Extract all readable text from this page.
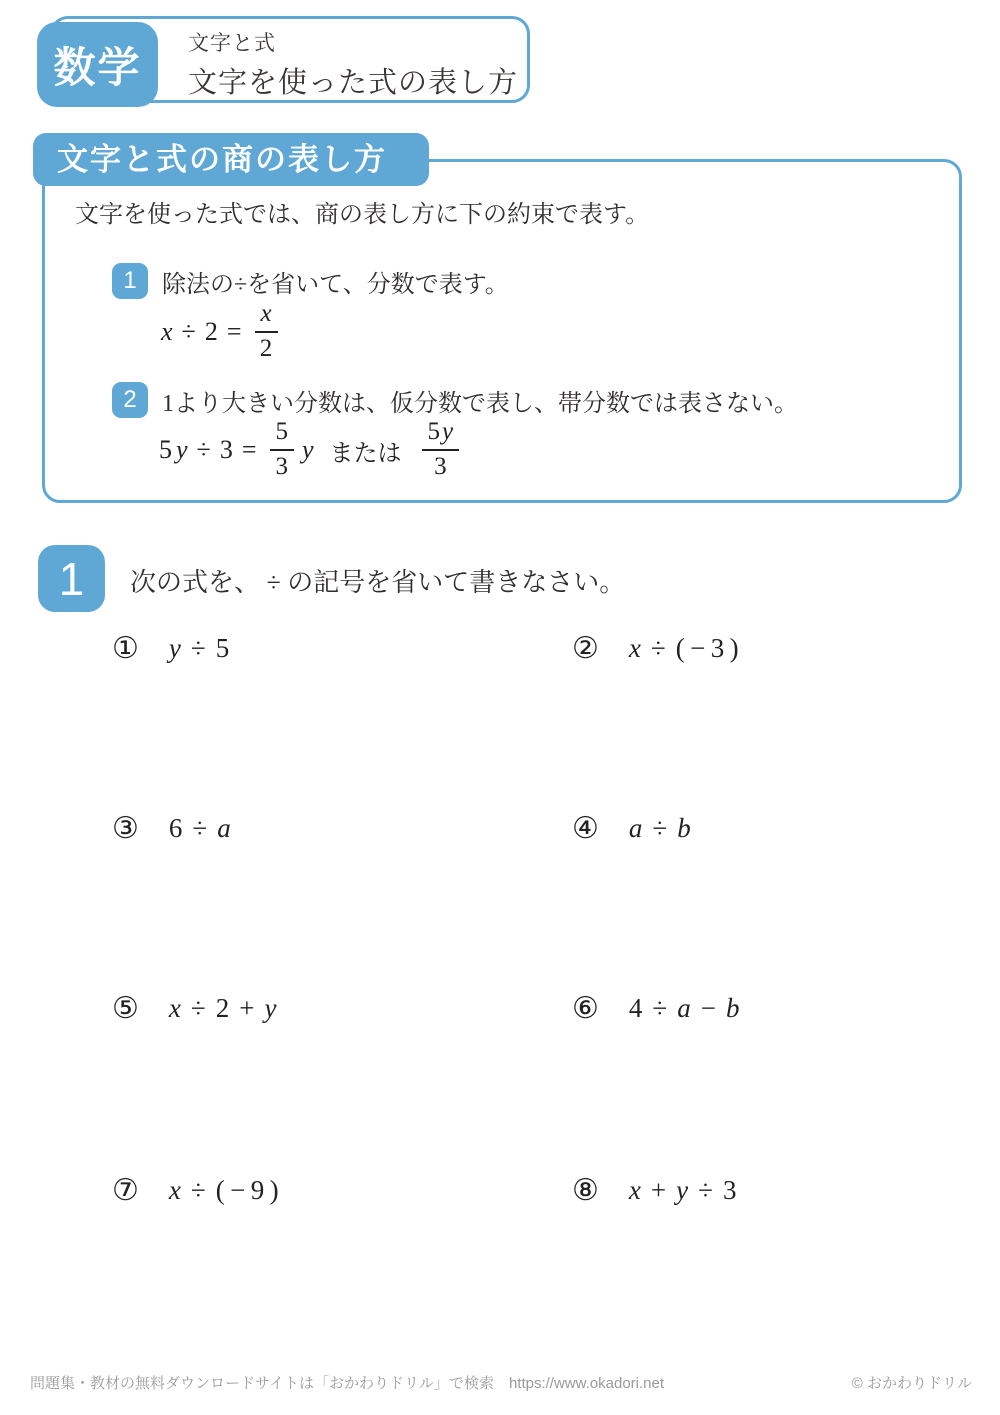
文字と式
文字を使った式の表し方
数学
文字と式の商の表し方
文字を使った式では、商の表し方に下の約束で表す。
1	除法の÷を省いて、分数で表す。
$x \div 2 = \frac{x}{2}$
2	1より大きい分数は、仮分数で表し、帯分数では表さない。
5 $y \div 3 = \frac{5}{3}$ y または $\frac{5 y}{3}$
1	次の式を、 ÷ の記号を省いて書きなさい。
① y ÷ 5	② x ÷ ( − 3 )
③ 6 ÷ a	④ a ÷ b
⑤ x ÷ 2 + y	⑥ 4 ÷ a − b
⑦ x ÷ ( − 9 )	⑧ x + y ÷ 3
問題集・教材の無料ダウンロードサイトは「おかわりドリル」で検索　https://www.okadori.net	© おかわりドリル
